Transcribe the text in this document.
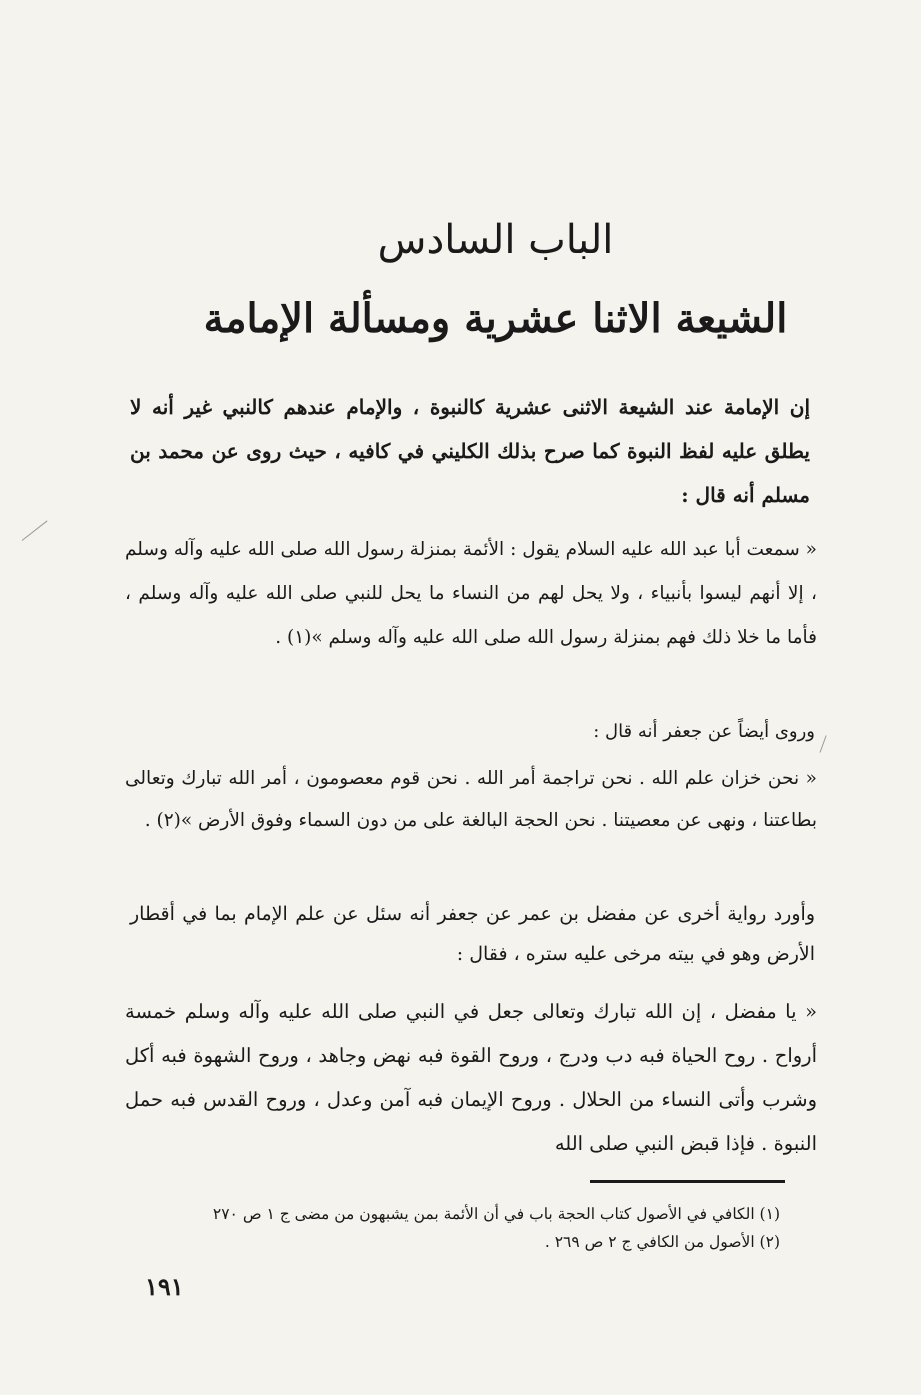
الباب السادس
الشيعة الاثنا عشرية ومسألة الإمامة

إن الإمامة عند الشيعة الاثنى عشرية كالنبوة ، والإمام عندهم كالنبي غير أنه لا يطلق عليه لفظ النبوة كما صرح بذلك الكليني في كافيه ، حيث روى عن محمد بن مسلم أنه قال :

« سمعت أبا عبد الله عليه السلام يقول : الأئمة بمنزلة رسول الله صلى الله عليه وآله وسلم ، إلا أنهم ليسوا بأنبياء ، ولا يحل لهم من النساء ما يحل للنبي صلى الله عليه وآله وسلم ، فأما ما خلا ذلك فهم بمنزلة رسول الله صلى الله عليه وآله وسلم »(١) .

وروى أيضاً عن جعفر أنه قال :

« نحن خزان علم الله . نحن تراجمة أمر الله . نحن قوم معصومون ، أمر الله تبارك وتعالى بطاعتنا ، ونهى عن معصيتنا . نحن الحجة البالغة على من دون السماء وفوق الأرض »(٢) .

وأورد رواية أخرى عن مفضل بن عمر عن جعفر أنه سئل عن علم الإمام بما في أقطار الأرض وهو في بيته مرخى عليه ستره ، فقال :

« يا مفضل ، إن الله تبارك وتعالى جعل في النبي صلى الله عليه وآله وسلم خمسة أرواح . روح الحياة فبه دب ودرج ، وروح القوة فبه نهض وجاهد ، وروح الشهوة فبه أكل وشرب وأتى النساء من الحلال . وروح الإيمان فبه آمن وعدل ، وروح القدس فبه حمل النبوة . فإذا قبض النبي صلى الله

(١) الكافي في الأصول كتاب الحجة باب في أن الأئمة بمن يشبهون من مضى ج ١ ص ٢٧٠
(٢) الأصول من الكافي ج ٢ ص ٢٦٩ .
١٩١
